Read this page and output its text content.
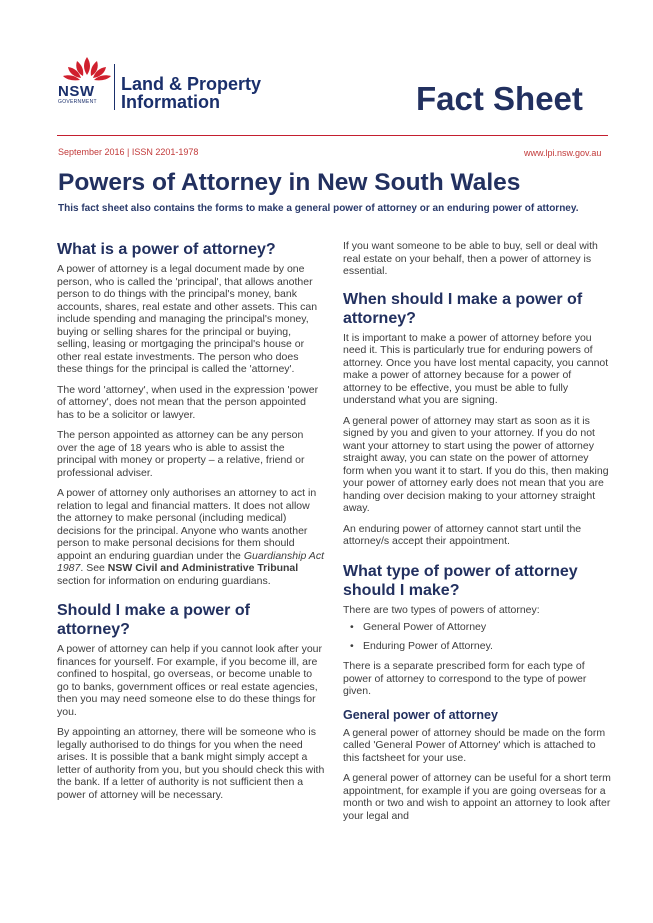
NSW
GOVERNMENT
Land & Property
Information	Fact Sheet
September 2016 | ISSN 2201-1978	www.lpi.nsw.gov.au
Powers of Attorney in New South Wales
This fact sheet also contains the forms to make a general power of attorney or an enduring power of attorney.
What is a power of attorney?

A power of attorney is a legal document made by one person, who is called the 'principal', that allows another person to do things with the principal's money, bank accounts, shares, real estate and other assets. This can include spending and managing the principal's money, buying or selling shares for the principal or buying, selling, leasing or mortgaging the principal's house or other real estate investments. The person who does these things for the principal is called the 'attorney'.

The word 'attorney', when used in the expression 'power of attorney', does not mean that the person appointed has to be a solicitor or lawyer.

The person appointed as attorney can be any person over the age of 18 years who is able to assist the principal with money or property – a relative, friend or professional adviser.

A power of attorney only authorises an attorney to act in relation to legal and financial matters. It does not allow the attorney to make personal (including medical) decisions for the principal. Anyone who wants another person to make personal decisions for them should appoint an enduring guardian under the Guardianship Act 1987. See NSW Civil and Administrative Tribunal section for information on enduring guardians.

Should I make a power of attorney?

A power of attorney can help if you cannot look after your finances for yourself. For example, if you become ill, are confined to hospital, go overseas, or become unable to go to banks, government offices or real estate agencies, then you may need someone else to do these things for you.

By appointing an attorney, there will be someone who is legally authorised to do things for you when the need arises. It is possible that a bank might simply accept a letter of authority from you, but you should check this with the bank. If a letter of authority is not sufficient then a power of attorney will be necessary.

If you want someone to be able to buy, sell or deal with real estate on your behalf, then a power of attorney is essential.

When should I make a power of attorney?

It is important to make a power of attorney before you need it. This is particularly true for enduring powers of attorney. Once you have lost mental capacity, you cannot make a power of attorney because for a power of attorney to be effective, you must be able to fully understand what you are signing.

A general power of attorney may start as soon as it is signed by you and given to your attorney. If you do not want your attorney to start using the power of attorney straight away, you can state on the power of attorney form when you want it to start. If you do this, then making your power of attorney early does not mean that you are handing over decision making to your attorney straight away.

An enduring power of attorney cannot start until the attorney/s accept their appointment.

What type of power of attorney should I make?

There are two types of powers of attorney:

• General Power of Attorney
• Enduring Power of Attorney.

There is a separate prescribed form for each type of power of attorney to correspond to the type of power given.

General power of attorney

A general power of attorney should be made on the form called 'General Power of Attorney' which is attached to this factsheet for your use.

A general power of attorney can be useful for a short term appointment, for example if you are going overseas for a month or two and wish to appoint an attorney to look after your legal and
